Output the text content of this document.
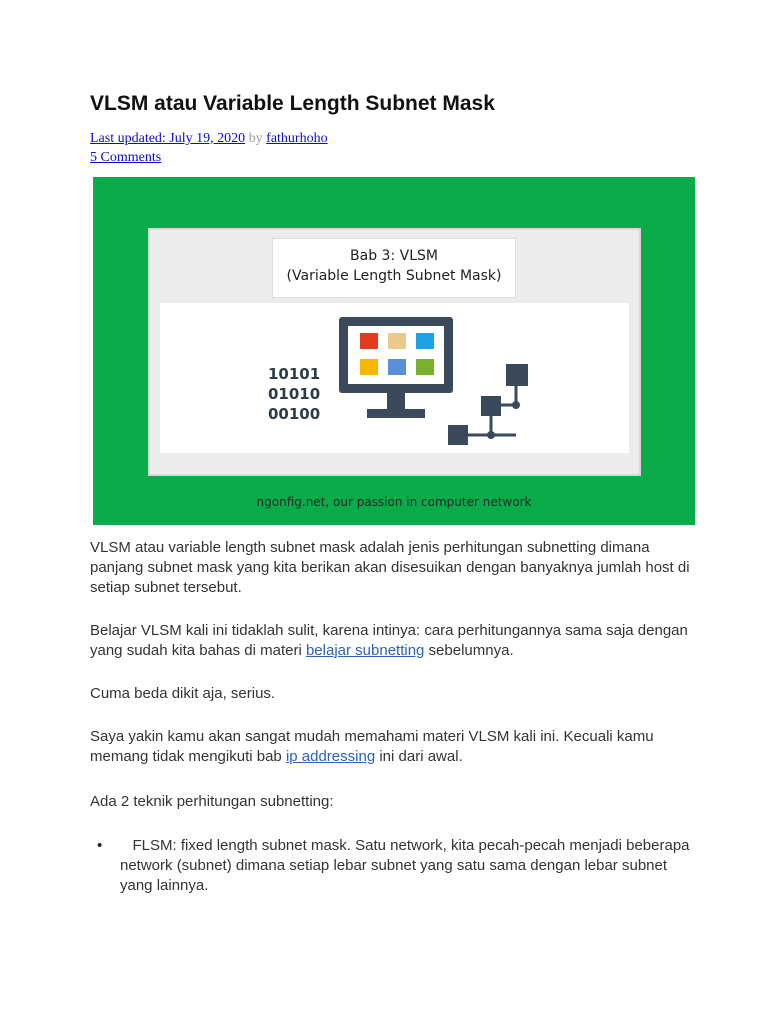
VLSM atau Variable Length Subnet Mask
Last updated: July 19, 2020 by fathurhoho
5 Comments
Bab 3: VLSM
(Variable Length Subnet Mask)
10101
01010
00100
ngonfig.net, our passion in computer network

VLSM atau variable length subnet mask adalah jenis perhitungan subnetting dimana panjang subnet mask yang kita berikan akan disesuikan dengan banyaknya jumlah host di setiap subnet tersebut.

Belajar VLSM kali ini tidaklah sulit, karena intinya: cara perhitungannya sama saja dengan yang sudah kita bahas di materi belajar subnetting sebelumnya.

Cuma beda dikit aja, serius.

Saya yakin kamu akan sangat mudah memahami materi VLSM kali ini. Kecuali kamu memang tidak mengikuti bab ip addressing ini dari awal.

Ada 2 teknik perhitungan subnetting:

•	FLSM: fixed length subnet mask. Satu network, kita pecah-pecah menjadi beberapa network (subnet) dimana setiap lebar subnet yang satu sama dengan lebar subnet yang lainnya.
